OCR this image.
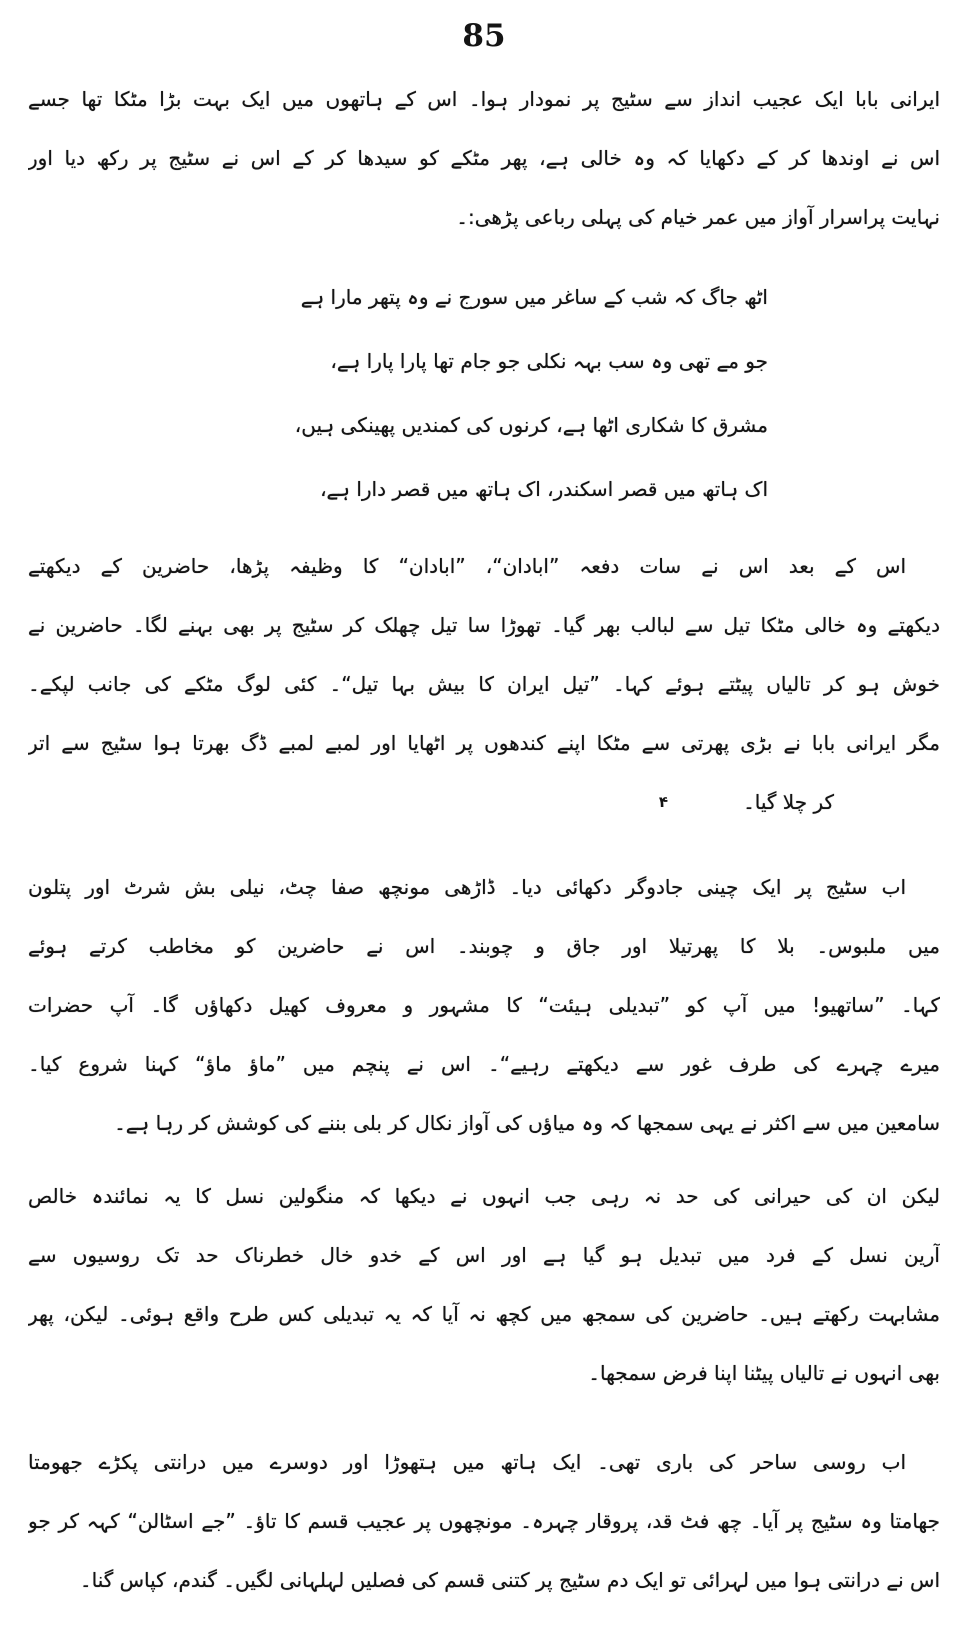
85
ایرانی بابا ایک عجیب انداز سے سٹیج پر نمودار ہوا۔ اس کے ہاتھوں میں ایک بہت بڑا مٹکا تھا جسے
اس نے اوندھا کر کے دکھایا کہ وہ خالی ہے، پھر مٹکے کو سیدھا کر کے اس نے سٹیج پر رکھ دیا اور
نہایت پراسرار آواز میں عمر خیام کی پہلی رباعی پڑھی:۔
اٹھ جاگ کہ شب کے ساغر میں سورج نے وہ پتھر مارا ہے
جو مے تھی وہ سب بہہ نکلی جو جام تھا پارا پارا ہے،
مشرق کا شکاری اٹھا ہے، کرنوں کی کمندیں پھینکی ہیں،
اک ہاتھ میں قصر اسکندر، اک ہاتھ میں قصر دارا ہے،
اس کے بعد اس نے سات دفعہ ”ابادان“، ”ابادان“ کا وظیفہ پڑھا، حاضرین کے دیکھتے
دیکھتے وہ خالی مٹکا تیل سے لبالب بھر گیا۔ تھوڑا سا تیل چھلک کر سٹیج پر بھی بہنے لگا۔ حاضرین نے
خوش ہو کر تالیاں پیٹتے ہوئے کہا۔ ”تیل ایران کا بیش بہا تیل“۔ کئی لوگ مٹکے کی جانب لپکے۔
مگر ایرانی بابا نے بڑی پھرتی سے مٹکا اپنے کندھوں پر اٹھایا اور لمبے لمبے ڈگ بھرتا ہوا سٹیج سے اتر
کر چلا گیا۔
۴
اب سٹیج پر ایک چینی جادوگر دکھائی دیا۔ ڈاڑھی مونچھ صفا چٹ، نیلی بش شرٹ اور پتلون
میں ملبوس۔ بلا کا پھرتیلا اور جاق و چوبند۔ اس نے حاضرین کو مخاطب کرتے ہوئے
کہا۔ ”ساتھیو! میں آپ کو ”تبدیلی ہیئت“ کا مشہور و معروف کھیل دکھاؤں گا۔ آپ حضرات
میرے چہرے کی طرف غور سے دیکھتے رہیے“۔ اس نے پنچم میں ”ماؤ ماؤ“ کہنا شروع کیا۔
سامعین میں سے اکثر نے یہی سمجھا کہ وہ میاؤں کی آواز نکال کر بلی بننے کی کوشش کر رہا ہے۔
لیکن ان کی حیرانی کی حد نہ رہی جب انہوں نے دیکھا کہ منگولین نسل کا یہ نمائندہ خالص
آرین نسل کے فرد میں تبدیل ہو گیا ہے اور اس کے خدو خال خطرناک حد تک روسیوں سے
مشابہت رکھتے ہیں۔ حاضرین کی سمجھ میں کچھ نہ آیا کہ یہ تبدیلی کس طرح واقع ہوئی۔ لیکن، پھر
بھی انہوں نے تالیاں پیٹنا اپنا فرض سمجھا۔
اب روسی ساحر کی باری تھی۔ ایک ہاتھ میں ہتھوڑا اور دوسرے میں درانتی پکڑے جھومتا
جھامتا وہ سٹیج پر آیا۔ چھ فٹ قد، پروقار چہرہ۔ مونچھوں پر عجیب قسم کا تاؤ۔ ”جے اسٹالن“ کہہ کر جو
اس نے درانتی ہوا میں لہرائی تو ایک دم سٹیج پر کتنی قسم کی فصلیں لہلہانی لگیں۔ گندم، کپاس گنا۔
